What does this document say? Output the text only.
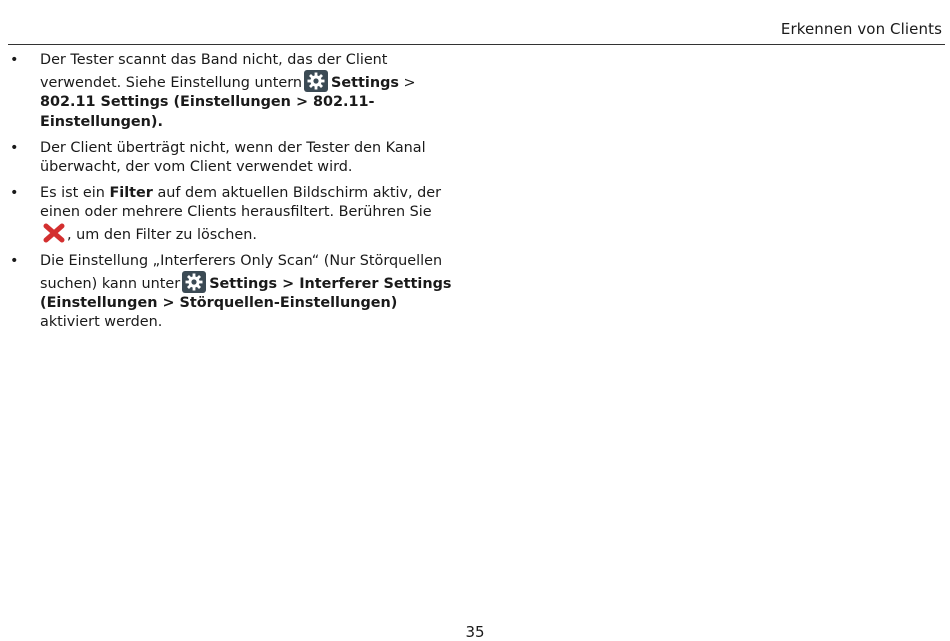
Erkennen von Clients
• Der Tester scannt das Band nicht, das der Client verwendet. Siehe Einstellung untern Settings >
802.11 Settings (Einstellungen > 802.11-Einstellungen).
• Der Client überträgt nicht, wenn der Tester den Kanal überwacht, der vom Client verwendet wird.
• Es ist ein Filter auf dem aktuellen Bildschirm aktiv, der einen oder mehrere Clients herausfiltert. Berühren Sie
, um den Filter zu löschen.
• Die Einstellung „Interferers Only Scan“ (Nur Störquellen suchen) kann unter Settings > Interferer Settings (Einstellungen > Störquellen-Einstellungen) aktiviert werden.
35
